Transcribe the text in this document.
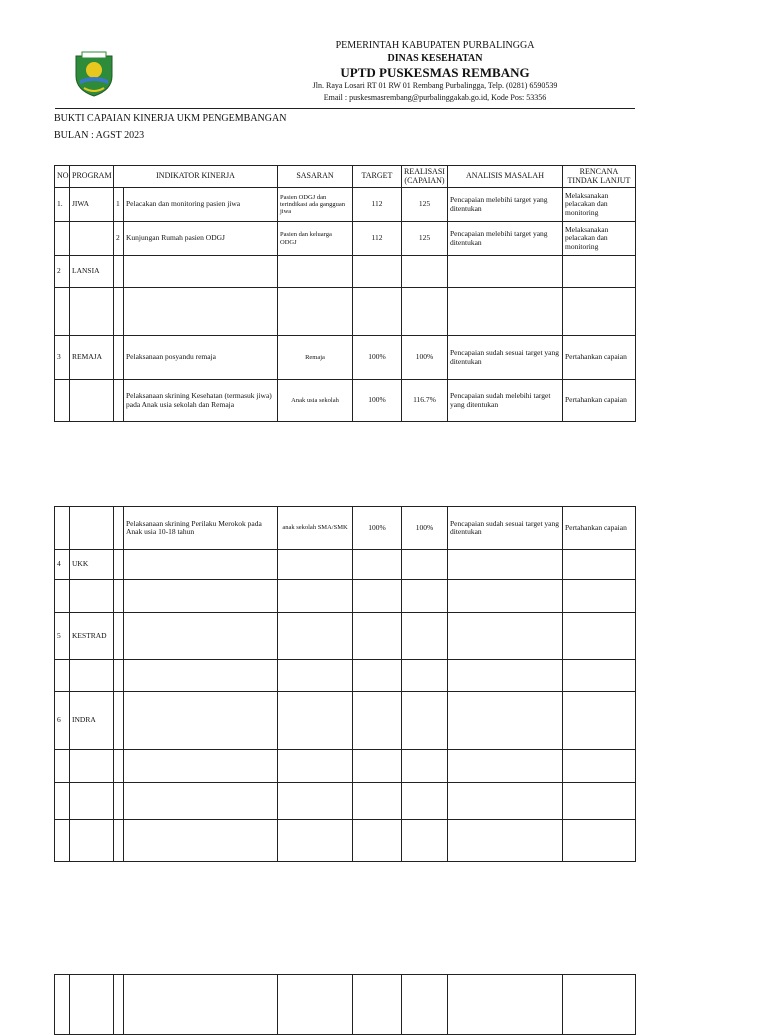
PEMERINTAH KABUPATEN PURBALINGGA
DINAS KESEHATAN
UPTD PUSKESMAS REMBANG
Jln. Raya Losari RT 01 RW 01 Rembang Purbalingga, Telp. (0281) 6590539
Email : puskesmasrembang@purbalinggakab.go.id, Kode Pos: 53356
BUKTI CAPAIAN KINERJA UKM PENGEMBANGAN
BULAN : AGST 2023
NO	PROGRAM	INDIKATOR KINERJA		SASARAN	TARGET	REALISASI (CAPAIAN)	ANALISIS MASALAH	RENCANA TINDAK LANJUT
1.	JIWA	1	Pelacakan dan monitoring pasien jiwa	Pasien ODGJ dan terindikasi ada gangguan jiwa	112	125	Pencapaian melebihi target yang ditentukan	Melaksanakan pelacakan dan monitoring
		2	Kunjungan Rumah pasien ODGJ	Pasien dan keluarga ODGJ	112	125	Pencapaian melebihi target yang ditentukan	Melaksanakan pelacakan dan monitoring
2	LANSIA							

3	REMAJA		Pelaksanaan posyandu remaja	Remaja	100%	100%	Pencapaian sudah sesuai target yang ditentukan	Pertahankan capaian
			Pelaksanaan skrining Kesehatan (termasuk jiwa) pada Anak usia sekolah dan Remaja	Anak usia sekolah	100%	116.7%	Pencapaian sudah melebihi target yang ditentukan	Pertahankan capaian
			Pelaksanaan skrining Perilaku Merokok pada Anak usia 10-18 tahun	anak sekolah SMA/SMK	100%	100%	Pencapaian sudah sesuai target yang ditentukan	Pertahankan capaian
4	UKK							

5	KESTRAD							

6	INDRA							
